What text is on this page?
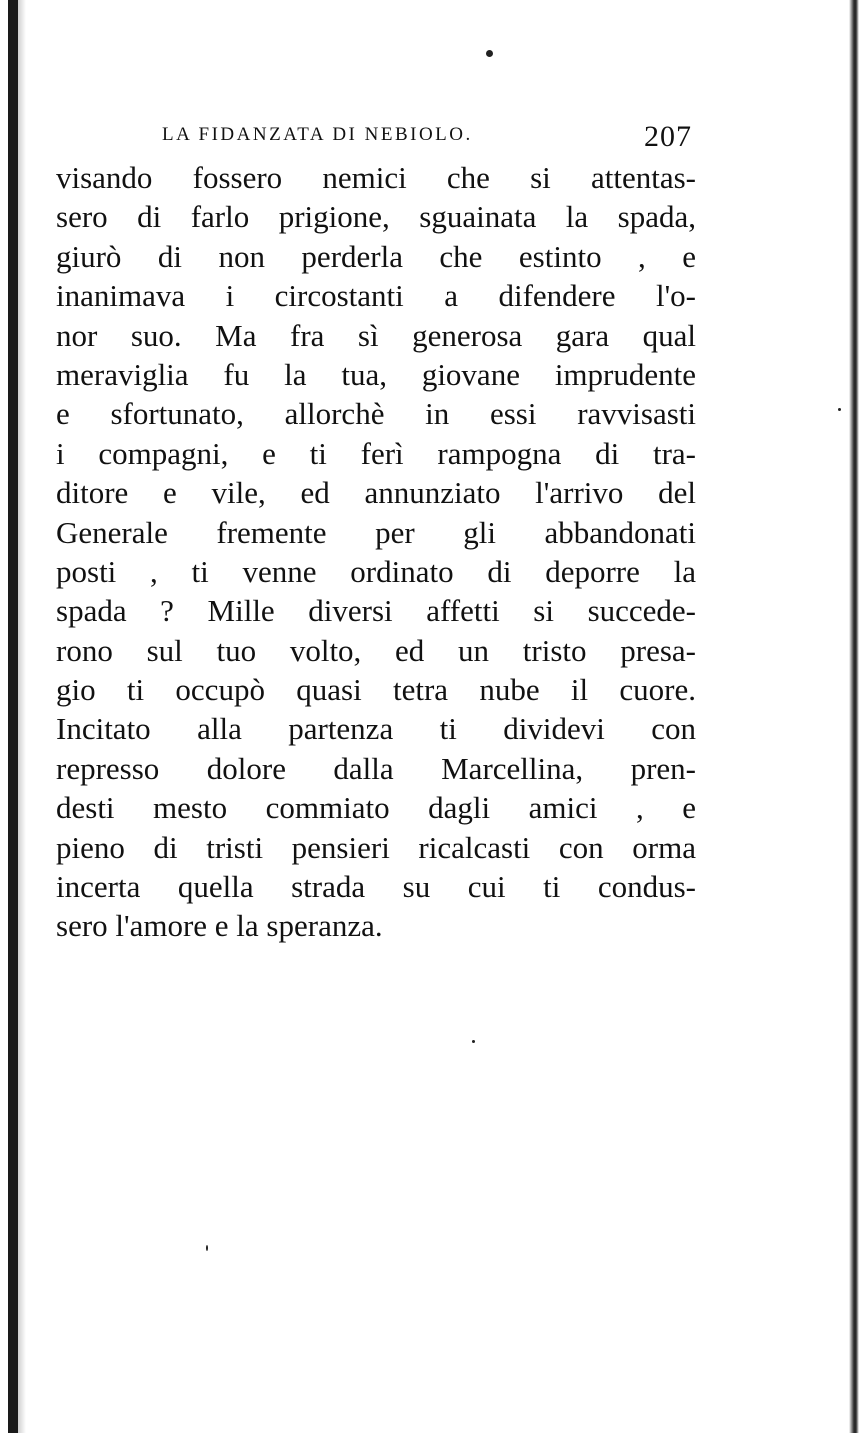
LA FIDANZATA DI NEBIOLO.	207
visando fossero nemici che si attentas-
sero di farlo prigione, sguainata la spada,
giurò di non perderla che estinto , e
inanimava i circostanti a difendere l'o-
nor suo. Ma fra sì generosa gara qual
meraviglia fu la tua, giovane imprudente
e sfortunato, allorchè in essi ravvisasti
i compagni, e ti ferì rampogna di tra-
ditore e vile, ed annunziato l'arrivo del
Generale fremente per gli abbandonati
posti , ti venne ordinato di deporre la
spada ? Mille diversi affetti si succede-
rono sul tuo volto, ed un tristo presa-
gio ti occupò quasi tetra nube il cuore.
Incitato alla partenza ti dividevi con
represso dolore dalla Marcellina, pren-
desti mesto commiato dagli amici , e
pieno di tristi pensieri ricalcasti con orma
incerta quella strada su cui ti condus-
sero l'amore e la speranza.
